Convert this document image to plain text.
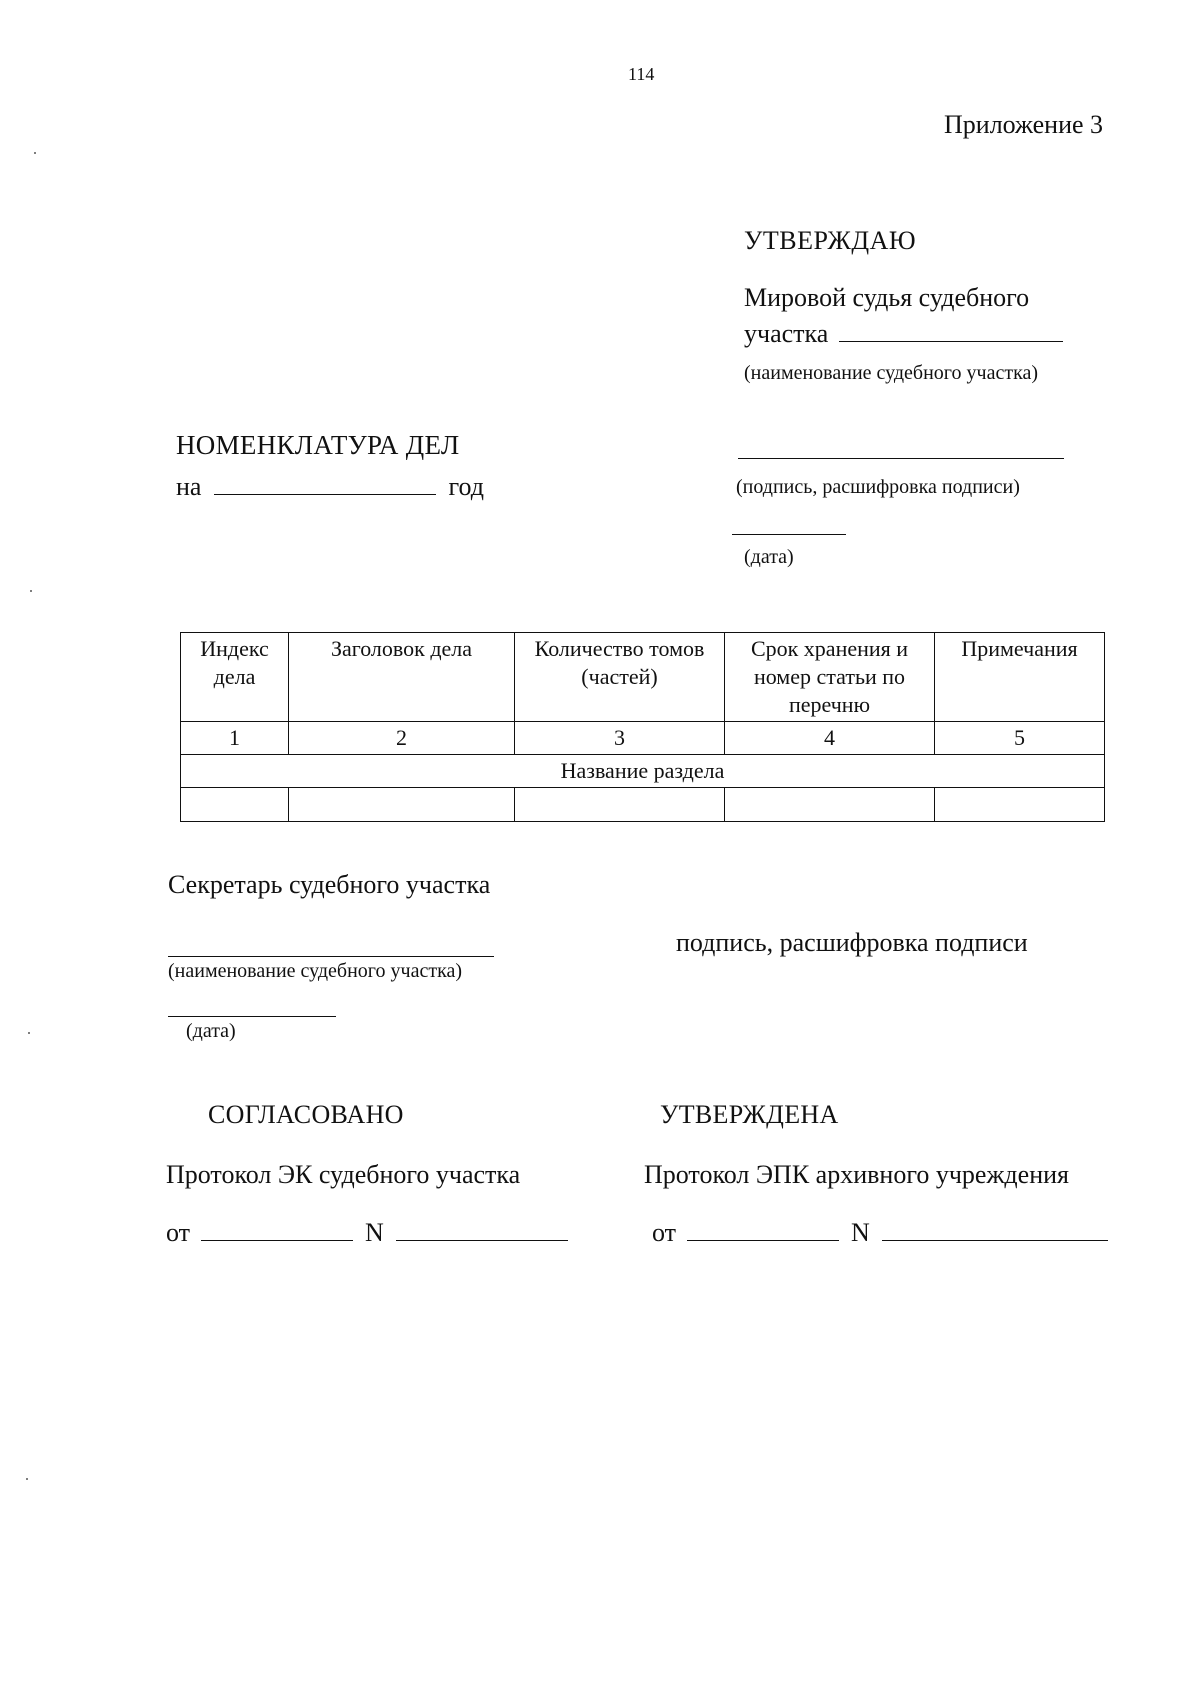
114
Приложение 3
УТВЕРЖДАЮ
Мировой судья судебного
участка
(наименование судебного участка)
(подпись, расшифровка подписи)
(дата)
НОМЕНКЛАТУРА ДЕЛ
на	год
Индекс дела	Заголовок дела	Количество томов (частей)	Срок хранения и номер статьи по перечню	Примечания
1	2	3	4	5
Название раздела				

Секретарь судебного участка
подпись, расшифровка подписи
(наименование судебного участка)
(дата)
СОГЛАСОВАНО
Протокол ЭК судебного участка
от	N
УТВЕРЖДЕНА
Протокол ЭПК архивного учреждения
от	N
